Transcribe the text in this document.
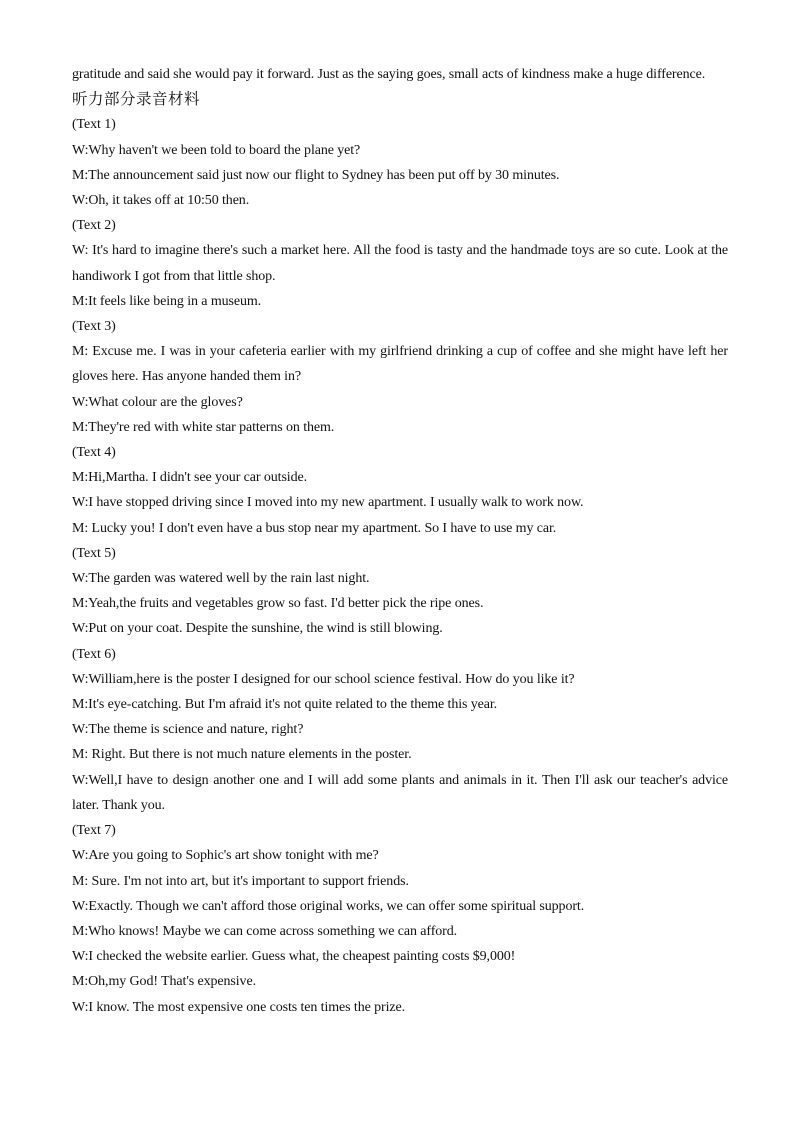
gratitude and said she would pay it forward. Just as the saying goes, small acts of kindness make a huge difference.
听力部分录音材料
(Text 1)
W:Why haven't we been told to board the plane yet?
M:The announcement said just now our flight to Sydney has been put off by 30 minutes.
W:Oh, it takes off at 10:50 then.
(Text 2)
W: It's hard to imagine there's such a market here. All the food is tasty and the handmade toys are so cute. Look at the handiwork I got from that little shop.
M:It feels like being in a museum.
(Text 3)
M: Excuse me. I was in your cafeteria earlier with my girlfriend drinking a cup of coffee and she might have left her gloves here. Has anyone handed them in?
W:What colour are the gloves?
M:They're red with white star patterns on them.
(Text 4)
M:Hi,Martha. I didn't see your car outside.
W:I have stopped driving since I moved into my new apartment. I usually walk to work now.
M: Lucky you! I don't even have a bus stop near my apartment. So I have to use my car.
(Text 5)
W:The garden was watered well by the rain last night.
M:Yeah,the fruits and vegetables grow so fast. I'd better pick the ripe ones.
W:Put on your coat. Despite the sunshine, the wind is still blowing.
(Text 6)
W:William,here is the poster I designed for our school science festival. How do you like it?
M:It's eye-catching. But I'm afraid it's not quite related to the theme this year.
W:The theme is science and nature, right?
M: Right. But there is not much nature elements in the poster.
W:Well,I have to design another one and I will add some plants and animals in it. Then I'll ask our teacher's advice later. Thank you.
(Text 7)
W:Are you going to Sophic's art show tonight with me?
M: Sure. I'm not into art, but it's important to support friends.
W:Exactly. Though we can't afford those original works, we can offer some spiritual support.
M:Who knows! Maybe we can come across something we can afford.
W:I checked the website earlier. Guess what, the cheapest painting costs $9,000!
M:Oh,my God! That's expensive.
W:I know. The most expensive one costs ten times the prize.
